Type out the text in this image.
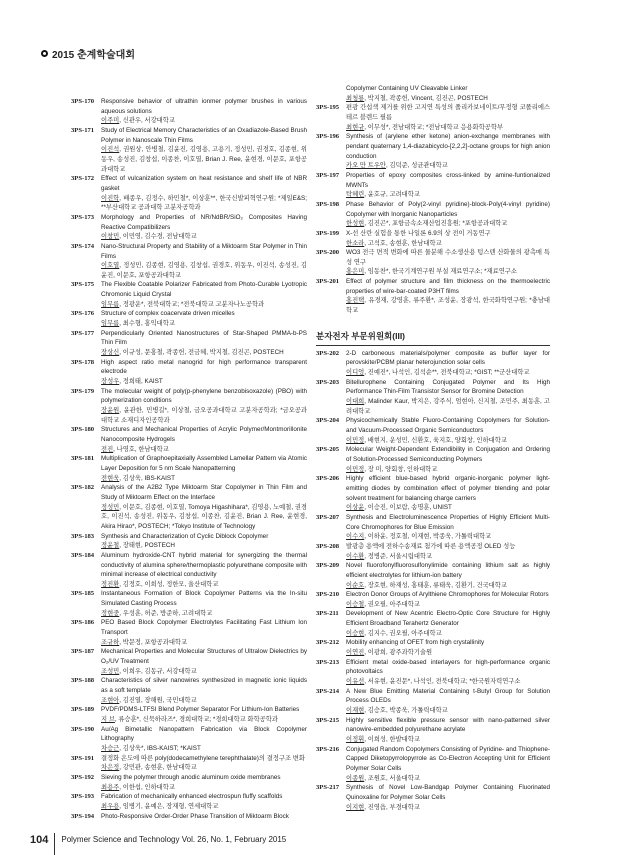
2015 춘계학술대회
3PS-170	Responsive behavior of ultrathin ionmer polymer brushes in various aqueous solutions
이주미, 신관우, 서강대학교
3PS-171	Study of Electrical Memory Characteristics of an Oxadiazole-Based Brush Polymer in Nanoscale Thin Films
이진석, 권원상, 안병철, 김윤진, 김영용, 고용기, 정성민, 권경호, 김종현, 위동우, 송성진, 김창섭, 이종찬, 이호열, Brian J. Ree, 윤현경, 이문호, 포항공과대학교
3PS-172	Effect of vulcanization system on heat resistance and shelf life of NBR gasket
이진학, 배종우, 김정수, 하민철*, 이상훈**, 한국신발피혁연구원; *제일E&S; **부산대학교 공과대학 고분자공학과
3PS-173	Morphology and Properties of NR/NdBR/SiO₂ Composites Having Reactive Compatibilizers
이창민, 이민영, 김수경, 전남대학교
3PS-174	Nano-Structural Property and Stability of a Miktoarm Star Polymer in Thin Films
이호열, 정성민, 김종현, 김영용, 김창섭, 권경호, 위동우, 이진석, 송성진, 김윤진, 이문호, 포항공과대학교
3PS-175	The Flexible Coatable Polarizer Fabricated from Photo-Curable Lyotropic Chromonic Liquid Crystal
임무름, 정광운*, 전북대학교; *전북대학교 고분자나노공학과
3PS-176	Structure of complex coacervate driven micelles
임무름, 최수형, 홍익대학교
3PS-177	Perpendicularly Oriented Nanostructures of Star-Shaped PMMA-b-PS Thin Film
장상신, 이규성, 문홍철, 곽종헌, 전금혜, 박지철, 김진곤, POSTECH
3PS-178	High aspect ratio metal nanogrid for high performance transparent electrode
장성우, 정희태, KAIST
3PS-179	The molecular weight of poly(p-phenylene benzobisoxazole) (PBO) with polymerization conditions
장윤원, 윤관한, 민병길*, 이상철, 금오공과대학교 고분자공학과; *금오공과대학교 소재디자인공학과
3PS-180	Structures and Mechanical Properties of Acrylic Polymer/Montmorillonite Nanocomposite Hydrogels
전진, 나영호, 한남대학교
3PS-181	Multiplication of Graphoepitaxially Assembled Lamellar Pattern via Atomic Layer Deposition for 5 nm Scale Nanopatterning
전현욱, 김상욱, IBS-KAIST
3PS-182	Analysis of the A2B2 Type Miktoarm Star Copolymer in Thin Film and Study of Miktoarm Effect on the Interface
정성민, 이문호, 김종현, 이호열, Tomoya Higashihara*, 김영용, 노예철, 권경호, 이진석, 송성진, 위동우, 김창섭, 이종찬, 김윤진, Brian J. Ree, 윤현경, Akira Hirao*, POSTECH; *Tokyo Institute of Technology
3PS-183	Synthesis and Characterization of Cyclic Diblock Copolymer
정윤철, 장태현, POSTECH
3PS-184	Aluminum hydroxide-CNT hybrid material for synergizing the thermal conductivity of alumina sphere/thermoplastic polyurethane composite with minimal increase of electrical conductivity
정진환, 김정호, 이희성, 정한모, 울산대학교
3PS-185	Instantaneous Formation of Block Copolymer Patterns via the In-situ Simulated Casting Process
정현중, 우성훈, 허준, 방준하, 고려대학교
3PS-186	PEO Based Block Copolymer Electrolytes Facilitating Fast Lithium Ion Transport
조규하, 박문정, 포항공과대학교
3PS-187	Mechanical Properties and Molecular Structures of Ultralow Dielectrics by O₂/UV Treatment
조성민, 이희우, 김동규, 서강대학교
3PS-188	Characteristics of silver nanowires synthesized in magnetic ionic liquids as a soft template
조현아, 김진열, 장해원, 국민대학교
3PS-189	PVDF/PDMS-LTFSI Blend Polymer Separator For Lithium-Ion Batteries
지 브, 류승훈*, 신묵하라즈*, 경희대학교; *경희대학교 화학공학과
3PS-190	Au/Ag Bimetallic Nanopattern Fabrication via Block Copolymer Lithography
차승근, 김상욱*, IBS-KAIST; *KAIST
3PS-191	결정화 온도에 따른 poly(dodecamethylene terephthalate)의 결정구조 변화
차은정, 강민관, 송현훈, 한남대학교
3PS-192	Sieving the polymer through anodic aluminum oxide membranes
최용주, 이한섭, 인하대학교
3PS-193	Fabrication of mechanically enhanced electrospun fluffy scaffolds
최우용, 임병기, 윤예은, 장재형, 연세대학교
3PS-194	Photo-Responsive Order-Order Phase Transition of Miktoarm Block
104 Polymer Science and Technology Vol. 26, No. 1, February 2015
Copolymer Containing UV Cleavable Linker
최청룡, 박지철, 곽종헌, Vincent, 김진곤, POSTECH
3PS-195	편광 간섭색 제거를 위한 고지연 특성의 폴리카보네이트/무정형 코폴리에스테르 블렌드 필름
최현규, 이무성*, 전남대학교; *전남대학교 응용화학공학부
3PS-196	Synthesis of (arylene ether ketone) anion-exchange membranes with pendant quaternary 1,4-diazabicyclo-[2,2,2]-octane groups for high anion conduction
카오 만 트우안, 김덕준, 성균관대학교
3PS-197	Properties of epoxy composites cross-linked by amine-funtionalized MWNTs
탁혜린, 윤호규, 고려대학교
3PS-198	Phase Behavior of Poly(2-vinyl pyridine)-block-Poly(4-vinyl pyridine) Copolymer with Inorganic Nanoparticles
한성현, 김진곤*, 포항금속소재산업진흥원; *포항공과대학교
3PS-199	X-선 산란 실험을 통한 나일론 6.9의 상 전이 거동연구
한소라, 고석호, 송현훈, 한남대학교
3PS-200	WO3 전극 면적 변화에 따른 물분해 수소생산용 텅스텐 산화물의 광촉매 특성 연구
홍은미, 임동찬*, 한국기계연구원 부설 재료연구소; *재료연구소
3PS-201	Effect of polymer structure and film thickness on the thermoelectric properties of wire-bar-coated P3HT films
홍진택, 유경재, 강영훈, 류주환*, 조성윤, 장광석, 한국화학연구원; *충남대학교
분자전자 부문위원회(III)
3PS-202	2-D carboneous materials/polymer composite as buffer layer for perovskite/PCBM planar heterojunction solar cells
이디엉, 진예진*, 나석인, 김석순**, 전북대학교; *GIST; **군산대학교
3PS-203	Bitellurophene Containing Conjugated Polymer and Its High Performance Thin-Film Transistor Sensor for Bromine Detection
이대희, Malinder Kaur, 박지은, 강주식, 엄현아, 신지철, 조민주, 최동훈, 고려대학교
3PS-204	Physicochemically Stable Fluoro-Containing Copolymers for Solution- and Vacuum-Processed Organic Semiconductors
이민정, 배현지, 운성민, 신환호, 육지호, 양회창, 인하대학교
3PS-205	Molecular Weight-Dependent Extendibility in Conjugation and Ordering of Solution-Processed Semiconducting Polymers
이민정, 장 미, 양회창, 인하대학교
3PS-206	Highly efficient blue-based hybrid organic-inorganic polymer light-emitting diodes by combination effect of polymer blending and polar solvent treatment for balancing charge carriers
이상윤, 이승진, 이보람, 송명훈, UNIST
3PS-207	Synthesis and Electroluminescence Properties of Highly Efficient Multi-Core Chromophores for Blue Emission
이수지, 이하윤, 정호철, 이재현, 박종욱, 가톨릭대학교
3PS-208	발광층 용액에 전하수송재료 첨가에 따른 용액공정 OLED 성능
이수환, 정병준, 서울시립대학교
3PS-209	Novel fluorofonylfluorosulfonylimide containing lithium salt as highly efficient electrolytes for lithium-ion battery
이순호, 장호현, 하재성, 홍태훈, 류태욱, 김환기, 건국대학교
3PS-210	Electron Donor Groups of Arylthiene Chromophores for Molecular Rotors
이승철, 권오필, 아주대학교
3PS-211	Development of New Acentric Electro-Optic Core Structure for Highly Efficient Broadband Terahertz Generator
이승현, 김지수, 권오필, 아주대학교
3PS-212	Mobility enhancing of OFET from high crystallinity
이연진, 이광희, 광주과학기술원
3PS-213	Efficient metal oxide-based interlayers for high-performance organic photovoltaics
이유선, 서유현, 윤진문*, 나석인, 전북대학교; *한국원자력연구소
3PS-214	A New Blue Emitting Material Containing t-Butyl Group for Solution Process OLEDs
이재현, 김승호, 박종욱, 가톨릭대학교
3PS-215	Highly sensitive flexible pressure sensor with nano-patterned silver nanowire-embedded polyurethane acrylate
이정휘, 이희성, 한밭대학교
3PS-216	Conjugated Random Copolymers Consisting of Pyridine- and Thiophene-Capped Diketopyrrolopyrrole as Co-Electron Accepting Unit for Efficient Polymer Solar Cells
이종원, 조원호, 서울대학교
3PS-217	Synthesis of Novel Low-Bandgap Polymer Containing Fluorinated Quinoxaline for Polymer Solar Cells
이지현, 진영읍, 부경대학교
